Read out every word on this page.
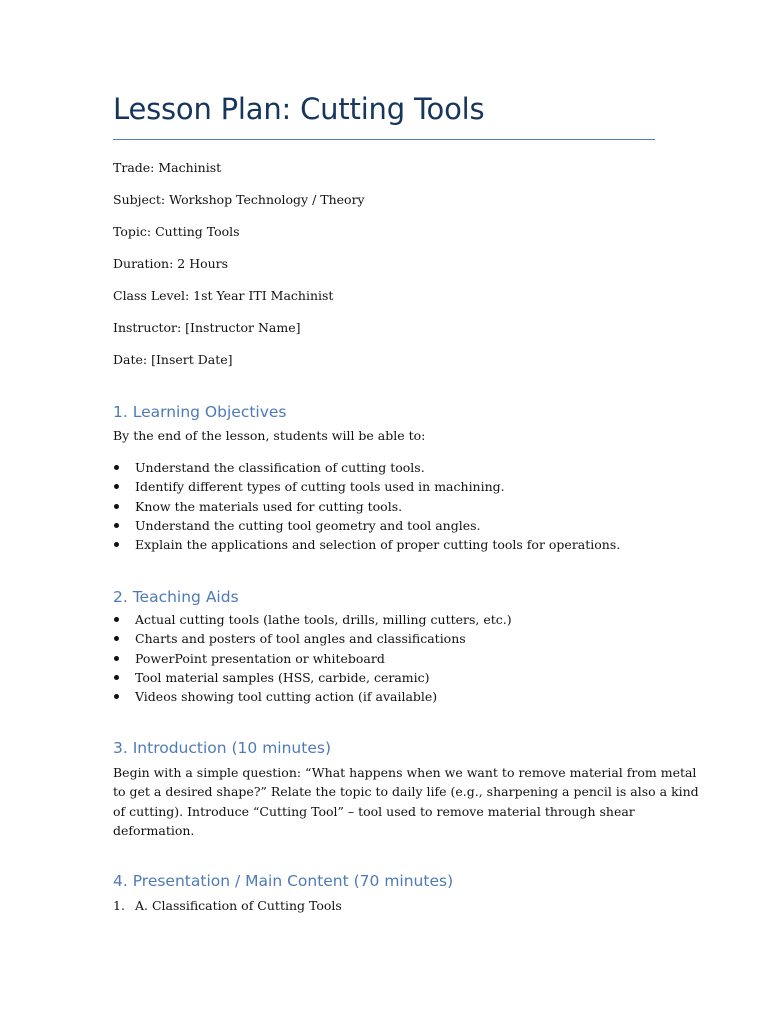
Lesson Plan: Cutting Tools
Trade: Machinist
Subject: Workshop Technology / Theory
Topic: Cutting Tools
Duration: 2 Hours
Class Level: 1st Year ITI Machinist
Instructor: [Instructor Name]
Date: [Insert Date]
1. Learning Objectives
By the end of the lesson, students will be able to:
Understand the classification of cutting tools.
Identify different types of cutting tools used in machining.
Know the materials used for cutting tools.
Understand the cutting tool geometry and tool angles.
Explain the applications and selection of proper cutting tools for operations.
2. Teaching Aids
Actual cutting tools (lathe tools, drills, milling cutters, etc.)
Charts and posters of tool angles and classifications
PowerPoint presentation or whiteboard
Tool material samples (HSS, carbide, ceramic)
Videos showing tool cutting action (if available)
3. Introduction (10 minutes)
Begin with a simple question: “What happens when we want to remove material from metal
to get a desired shape?” Relate the topic to daily life (e.g., sharpening a pencil is also a kind
of cutting). Introduce “Cutting Tool” – tool used to remove material through shear
deformation.
4. Presentation / Main Content (70 minutes)
1. A. Classification of Cutting Tools
